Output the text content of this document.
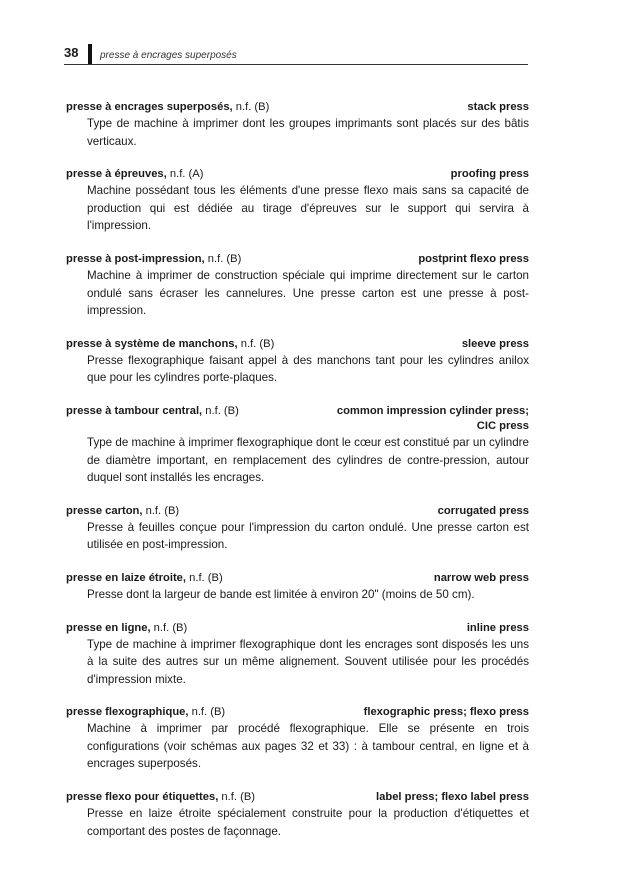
38 presse à encrages superposés
presse à encrages superposés, n.f. (B)	stack press
Type de machine à imprimer dont les groupes imprimants sont placés sur des bâtis verticaux.
presse à épreuves, n.f. (A)	proofing press
Machine possédant tous les éléments d'une presse flexo mais sans sa capacité de production qui est dédiée au tirage d'épreuves sur le support qui servira à l'impression.
presse à post-impression, n.f. (B)	postprint flexo press
Machine à imprimer de construction spéciale qui imprime directement sur le carton ondulé sans écraser les cannelures. Une presse carton est une presse à post-impression.
presse à système de manchons, n.f. (B)	sleeve press
Presse flexographique faisant appel à des manchons tant pour les cylindres anilox que pour les cylindres porte-plaques.
presse à tambour central, n.f. (B)	common impression cylinder press;
CIC press
Type de machine à imprimer flexographique dont le cœur est constitué par un cylindre de diamètre important, en remplacement des cylindres de contre-pression, autour duquel sont installés les encrages.
presse carton, n.f. (B)	corrugated press
Presse à feuilles conçue pour l'impression du carton ondulé. Une presse carton est utilisée en post-impression.
presse en laize étroite, n.f. (B)	narrow web press
Presse dont la largeur de bande est limitée à environ 20" (moins de 50 cm).
presse en ligne, n.f. (B)	inline press
Type de machine à imprimer flexographique dont les encrages sont disposés les uns à la suite des autres sur un même alignement. Souvent utilisée pour les procédés d'impression mixte.
presse flexographique, n.f. (B)	flexographic press; flexo press
Machine à imprimer par procédé flexographique. Elle se présente en trois configurations (voir schémas aux pages 32 et 33) : à tambour central, en ligne et à encrages superposés.
presse flexo pour étiquettes, n.f. (B)	label press; flexo label press
Presse en laize étroite spécialement construite pour la production d'étiquettes et comportant des postes de façonnage.
